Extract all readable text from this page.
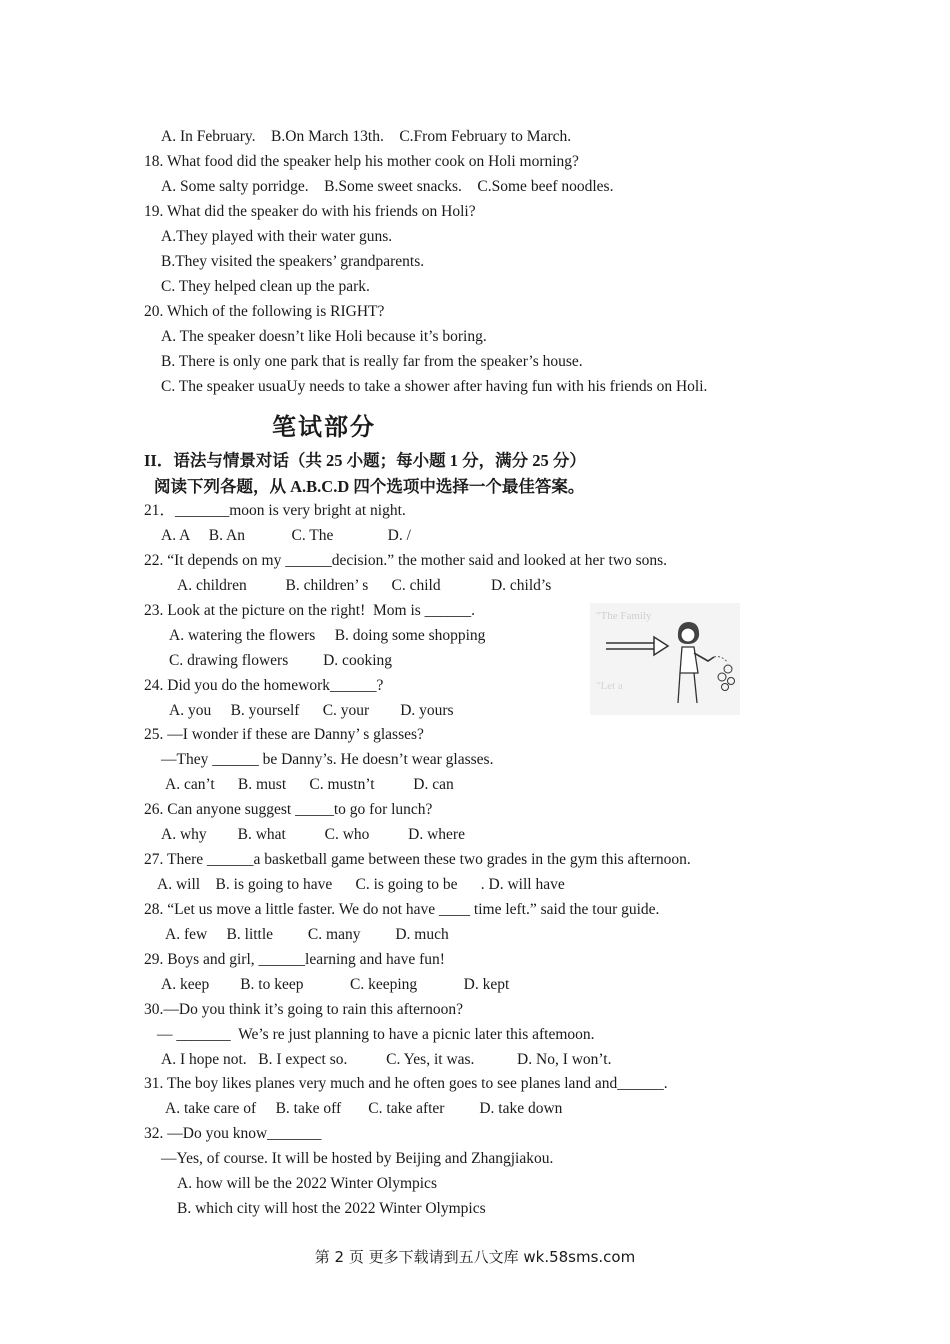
A. In February.    B.On March 13th.    C.From February to March.
18. What food did the speaker help his mother cook on Holi morning?
A. Some salty porridge.    B.Some sweet snacks.    C.Some beef noodles.
19. What did the speaker do with his friends on Holi?
A.They played with their water guns.
B.They visited the speakers’ grandparents.
C. They helped clean up the park.
20. Which of the following is RIGHT?
A. The speaker doesn’t like Holi because it’s boring.
B. There is only one park that is really far from the speaker’s house.
C. The speaker usuaUy needs to take a shower after having fun with his friends on Holi.
笔试部分
II．语法与情景对话（共 25 小题；每小题 1 分，满分 25 分）
阅读下列各题，从 A.B.C.D 四个选项中选择一个最佳答案。
21．_______moon is very bright at night.
A. A     B. An            C. The              D. /
22. “It depends on my ______decision.” the mother said and looked at her two sons.
A. children          B. children’ s      C. child             D. child’s
23. Look at the picture on the right!  Mom is ______.
A. watering the flowers     B. doing some shopping
C. drawing flowers         D. cooking
24. Did you do the homework______?
A. you     B. yourself      C. your        D. yours
"The Family
"Let a
25. —I wonder if these are Danny’ s glasses?
—They ______ be Danny’s. He doesn’t wear glasses.
A. can’t      B. must      C. mustn’t          D. can
26. Can anyone suggest _____to go for lunch?
A. why        B. what          C. who          D. where
27. There ______a basketball game between these two grades in the gym this afternoon.
A. will    B. is going to have      C. is going to be      . D. will have
28. “Let us move a little faster. We do not have ____ time left.” said the tour guide.
A. few     B. little         C. many         D. much
29. Boys and girl, ______learning and have fun!
A. keep        B. to keep            C. keeping            D. kept
30.—Do you think it’s going to rain this afternoon?
— _______  We’s re just planning to have a picnic later this aftemoon.
A. I hope not.   B. I expect so.          C. Yes, it was.           D. No, I won’t.
31. The boy likes planes very much and he often goes to see planes land and______.
A. take care of     B. take off       C. take after         D. take down
32. —Do you know_______
—Yes, of course. It will be hosted by Beijing and Zhangjiakou.
A. how will be the 2022 Winter Olympics
B. which city will host the 2022 Winter Olympics
第 2 页 更多下载请到五八文库 wk.58sms.com
